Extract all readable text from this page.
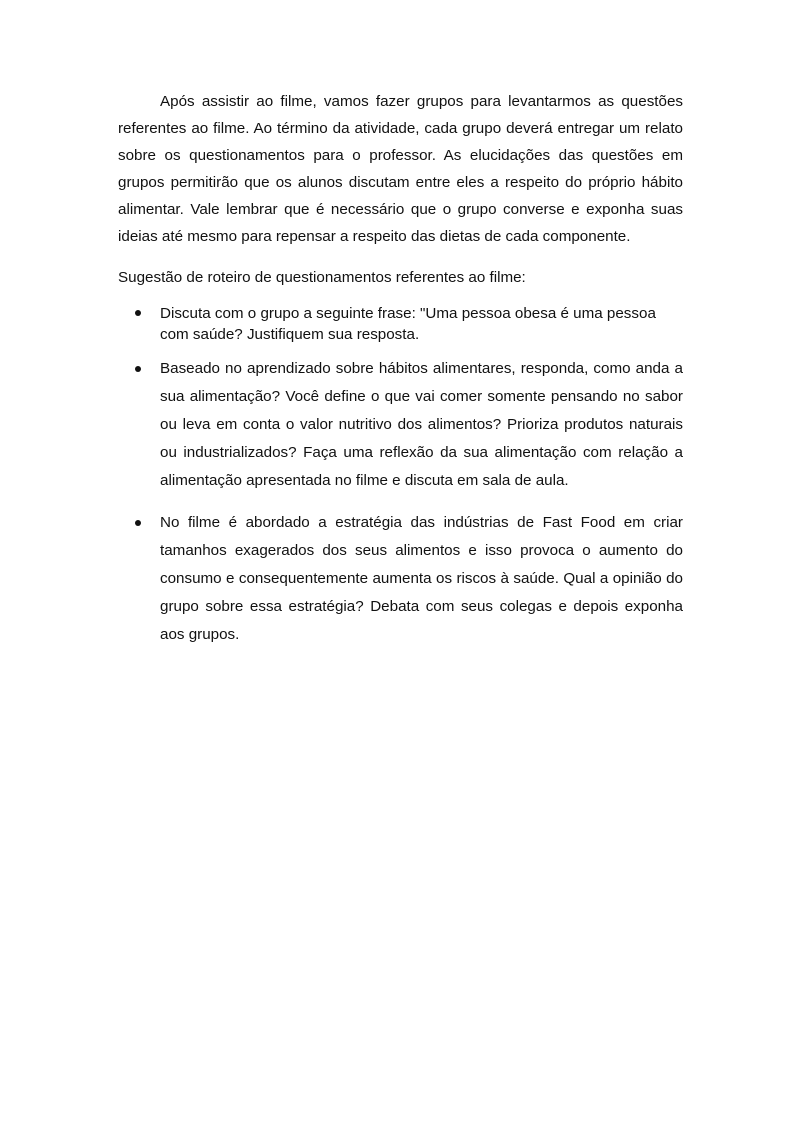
Após assistir ao filme, vamos fazer grupos para levantarmos as questões referentes ao filme. Ao término da atividade, cada grupo deverá entregar um relato sobre os questionamentos para o professor. As elucidações das questões em grupos permitirão que os alunos discutam entre eles a respeito do próprio hábito alimentar. Vale lembrar que é necessário que o grupo converse e exponha suas ideias até mesmo para repensar a respeito das dietas de cada componente.

Sugestão de roteiro de questionamentos referentes ao filme:

Discuta com o grupo a seguinte frase: "Uma pessoa obesa é uma pessoa com saúde? Justifiquem sua resposta.
Baseado no aprendizado sobre hábitos alimentares, responda, como anda a sua alimentação? Você define o que vai comer somente pensando no sabor ou leva em conta o valor nutritivo dos alimentos? Prioriza produtos naturais ou industrializados? Faça uma reflexão da sua alimentação com relação a alimentação apresentada no filme e discuta em sala de aula.
No filme é abordado a estratégia das indústrias de Fast Food em criar tamanhos exagerados dos seus alimentos e isso provoca o aumento do consumo e consequentemente aumenta os riscos à saúde. Qual a opinião do grupo sobre essa estratégia? Debata com seus colegas e depois exponha aos grupos.
